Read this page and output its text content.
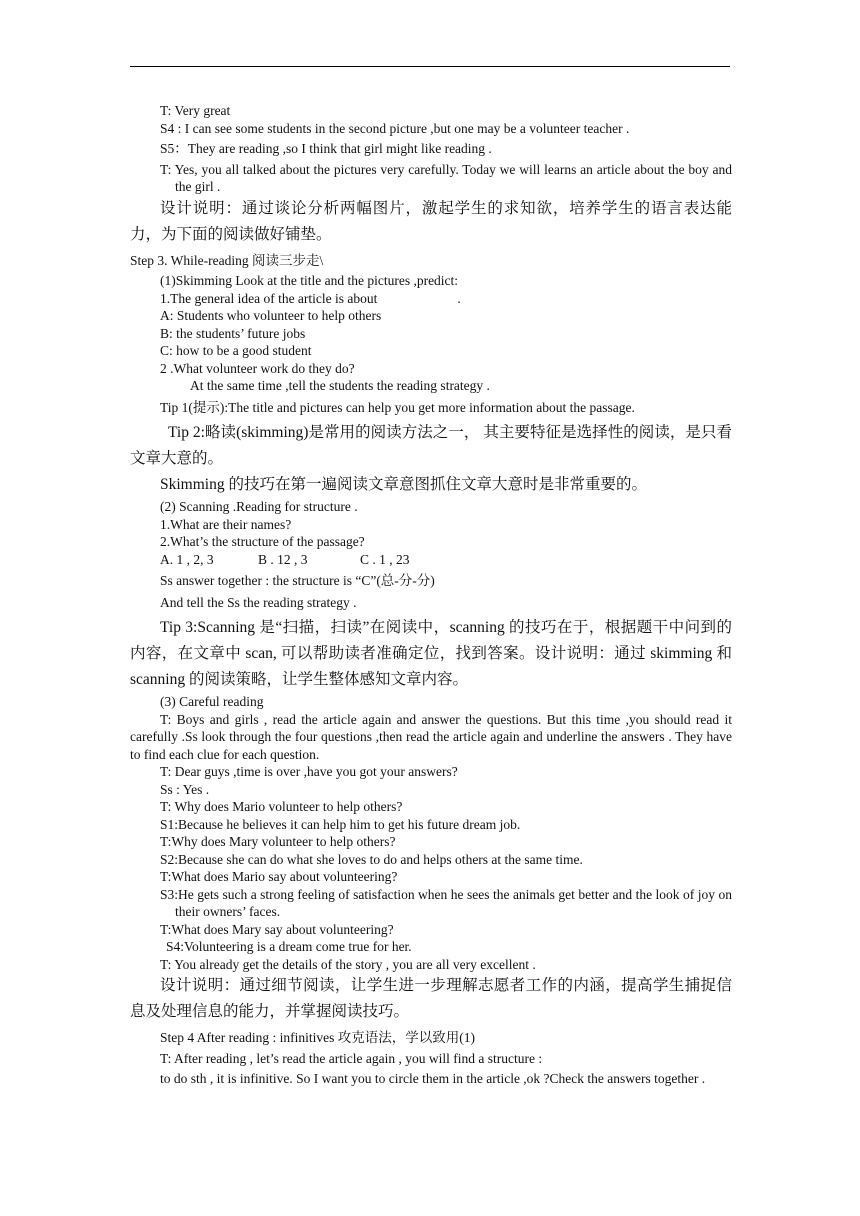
T: Very great
S4 : I can see some students in the second picture ,but one may be a volunteer teacher .
S5：They are reading ,so I think that girl might like reading .
T: Yes, you all talked about the pictures very carefully. Today we will learns an article about the boy and the girl .
设计说明：通过谈论分析两幅图片，激起学生的求知欲，培养学生的语言表达能力，为下面的阅读做好铺垫。
Step 3. While-reading 阅读三步走\
(1)Skimming Look at the title and the pictures ,predict:
1.The general idea of the article is about	.
A: Students who volunteer to help others
B: the students’ future jobs
C: how to be a good student
2 .What volunteer work do they do?
At the same time ,tell the students the reading strategy .
Tip 1(提示):The title and pictures can help you get more information about the passage.
Tip 2:略读(skimming)是常用的阅读方法之一， 其主要特征是选择性的阅读，是只看文章大意的。
Skimming 的技巧在第一遍阅读文章意图抓住文章大意时是非常重要的。
(2) Scanning .Reading for structure .
1.What are their names?
2.What’s the structure of the passage?
A. 1 , 2, 3	B . 12 , 3	C . 1 , 23
Ss answer together : the structure is “C”(总-分-分)
And tell the Ss the reading strategy .
Tip 3:Scanning 是“扫描，扫读”在阅读中，scanning 的技巧在于，根据题干中问到的内容，在文章中 scan, 可以帮助读者准确定位，找到答案。设计说明：通过 skimming 和 scanning 的阅读策略，让学生整体感知文章内容。
(3) Careful reading
T: Boys and girls , read the article again and answer the questions. But this time ,you should read it carefully .Ss look through the four questions ,then read the article again and underline the answers . They have to find each clue for each question.
T: Dear guys ,time is over ,have you got your answers?
Ss : Yes .
T: Why does Mario volunteer to help others?
S1:Because he believes it can help him to get his future dream job.
T:Why does Mary volunteer to help others?
S2:Because she can do what she loves to do and helps others at the same time.
T:What does Mario say about volunteering?
S3:He gets such a strong feeling of satisfaction when he sees the animals get better and the look of joy on their owners’ faces.
T:What does Mary say about volunteering?
S4:Volunteering is a dream come true for her.
T: You already get the details of the story , you are all very excellent .
设计说明：通过细节阅读，让学生进一步理解志愿者工作的内涵，提高学生捕捉信息及处理信息的能力，并掌握阅读技巧。
Step 4 After reading : infinitives 攻克语法，学以致用(1)
T: After reading , let’s read the article again , you will find a structure :
to do sth , it is infinitive. So I want you to circle them in the article ,ok ?Check the answers together .
